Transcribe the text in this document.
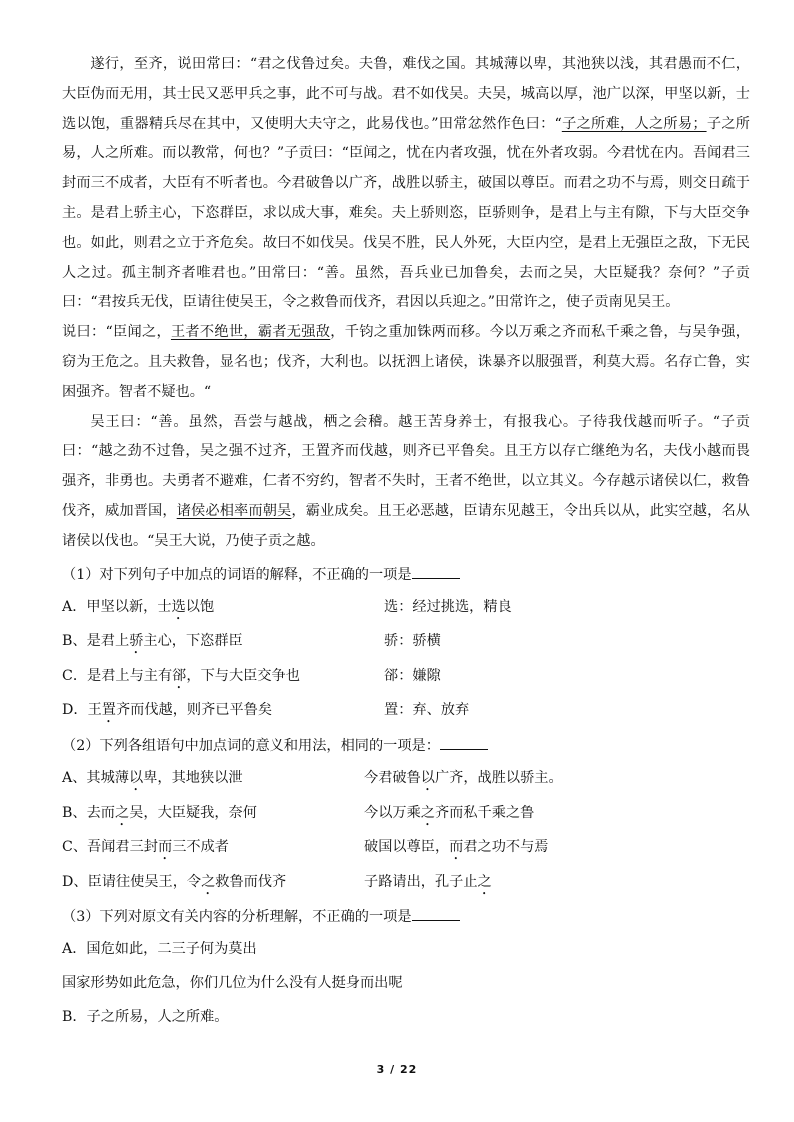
遂行，至齐，说田常曰：“君之伐鲁过矣。夫鲁，难伐之国。其城薄以卑，其池狭以浅，其君愚而不仁，大臣伪而无用，其士民又恶甲兵之事，此不可与战。君不如伐吴。夫吴，城高以厚，池广以深，甲坚以新，士选以饱，重器精兵尽在其中，又使明大夫守之，此易伐也。”田常忿然作色曰：“子之所难，人之所易；子之所易，人之所难。而以教常，何也？”子贡曰：“臣闻之，忧在内者攻强，忧在外者攻弱。今君忧在内。吾闻君三封而三不成者，大臣有不听者也。今君破鲁以广齐，战胜以骄主，破国以尊臣。而君之功不与焉，则交日疏于主。是君上骄主心，下恣群臣，求以成大事，难矣。夫上骄则恣，臣骄则争，是君上与主有隙，下与大臣交争也。如此，则君之立于齐危矣。故曰不如伐吴。伐吴不胜，民人外死，大臣内空，是君上无强臣之敌，下无民人之过。孤主制齐者唯君也。”田常曰：“善。虽然，吾兵业已加鲁矣，去而之吴，大臣疑我？奈何？”子贡曰：“君按兵无伐，臣请往使吴王，令之救鲁而伐齐，君因以兵迎之。”田常许之，使子贡南见吴王。

说曰：“臣闻之，王者不绝世，霸者无强敌，千钧之重加铢两而移。今以万乘之齐而私千乘之鲁，与吴争强，窃为王危之。且夫救鲁，显名也；伐齐，大利也。以抚泗上诸侯，诛暴齐以服强晋，利莫大焉。名存亡鲁，实困强齐。智者不疑也。“

吴王曰：“善。虽然，吾尝与越战，栖之会稽。越王苦身养士，有报我心。子待我伐越而听子。“子贡曰：“越之劲不过鲁，吴之强不过齐，王置齐而伐越，则齐已平鲁矣。且王方以存亡继绝为名，夫伐小越而畏强齐，非勇也。夫勇者不避难，仁者不穷约，智者不失时，王者不绝世，以立其义。今存越示诸侯以仁，救鲁伐齐，威加晋国，诸侯必相率而朝吴，霸业成矣。且王必恶越，臣请东见越王，令出兵以从，此实空越，名从诸侯以伐也。“吴王大说，乃使子贡之越。

（1）对下列句子中加点的词语的解释，不正确的一项是

A．甲坚以新，士选以饱	选：经过挑选，精良
B、是君上骄主心，下恣群臣	骄：骄横
C．是君上与主有郤，下与大臣交争也	郤：嫌隙
D．王置齐而伐越，则齐已平鲁矣	置：弃、放弃

（2）下列各组语句中加点词的意义和用法，相同的一项是：

A、其城薄以卑，其地狭以泄	今君破鲁以广齐，战胜以骄主。
B、去而之吴，大臣疑我，奈何	今以万乘之齐而私千乘之鲁
C、吾闻君三封而三不成者	破国以尊臣，而君之功不与焉
D、臣请往使吴王，令之救鲁而伐齐	子路请出，孔子止之

（3）下列对原文有关内容的分析理解，不正确的一项是

A．国危如此，二三子何为莫出

国家形势如此危急，你们几位为什么没有人挺身而出呢

B．子之所易，人之所难。

3 / 22
